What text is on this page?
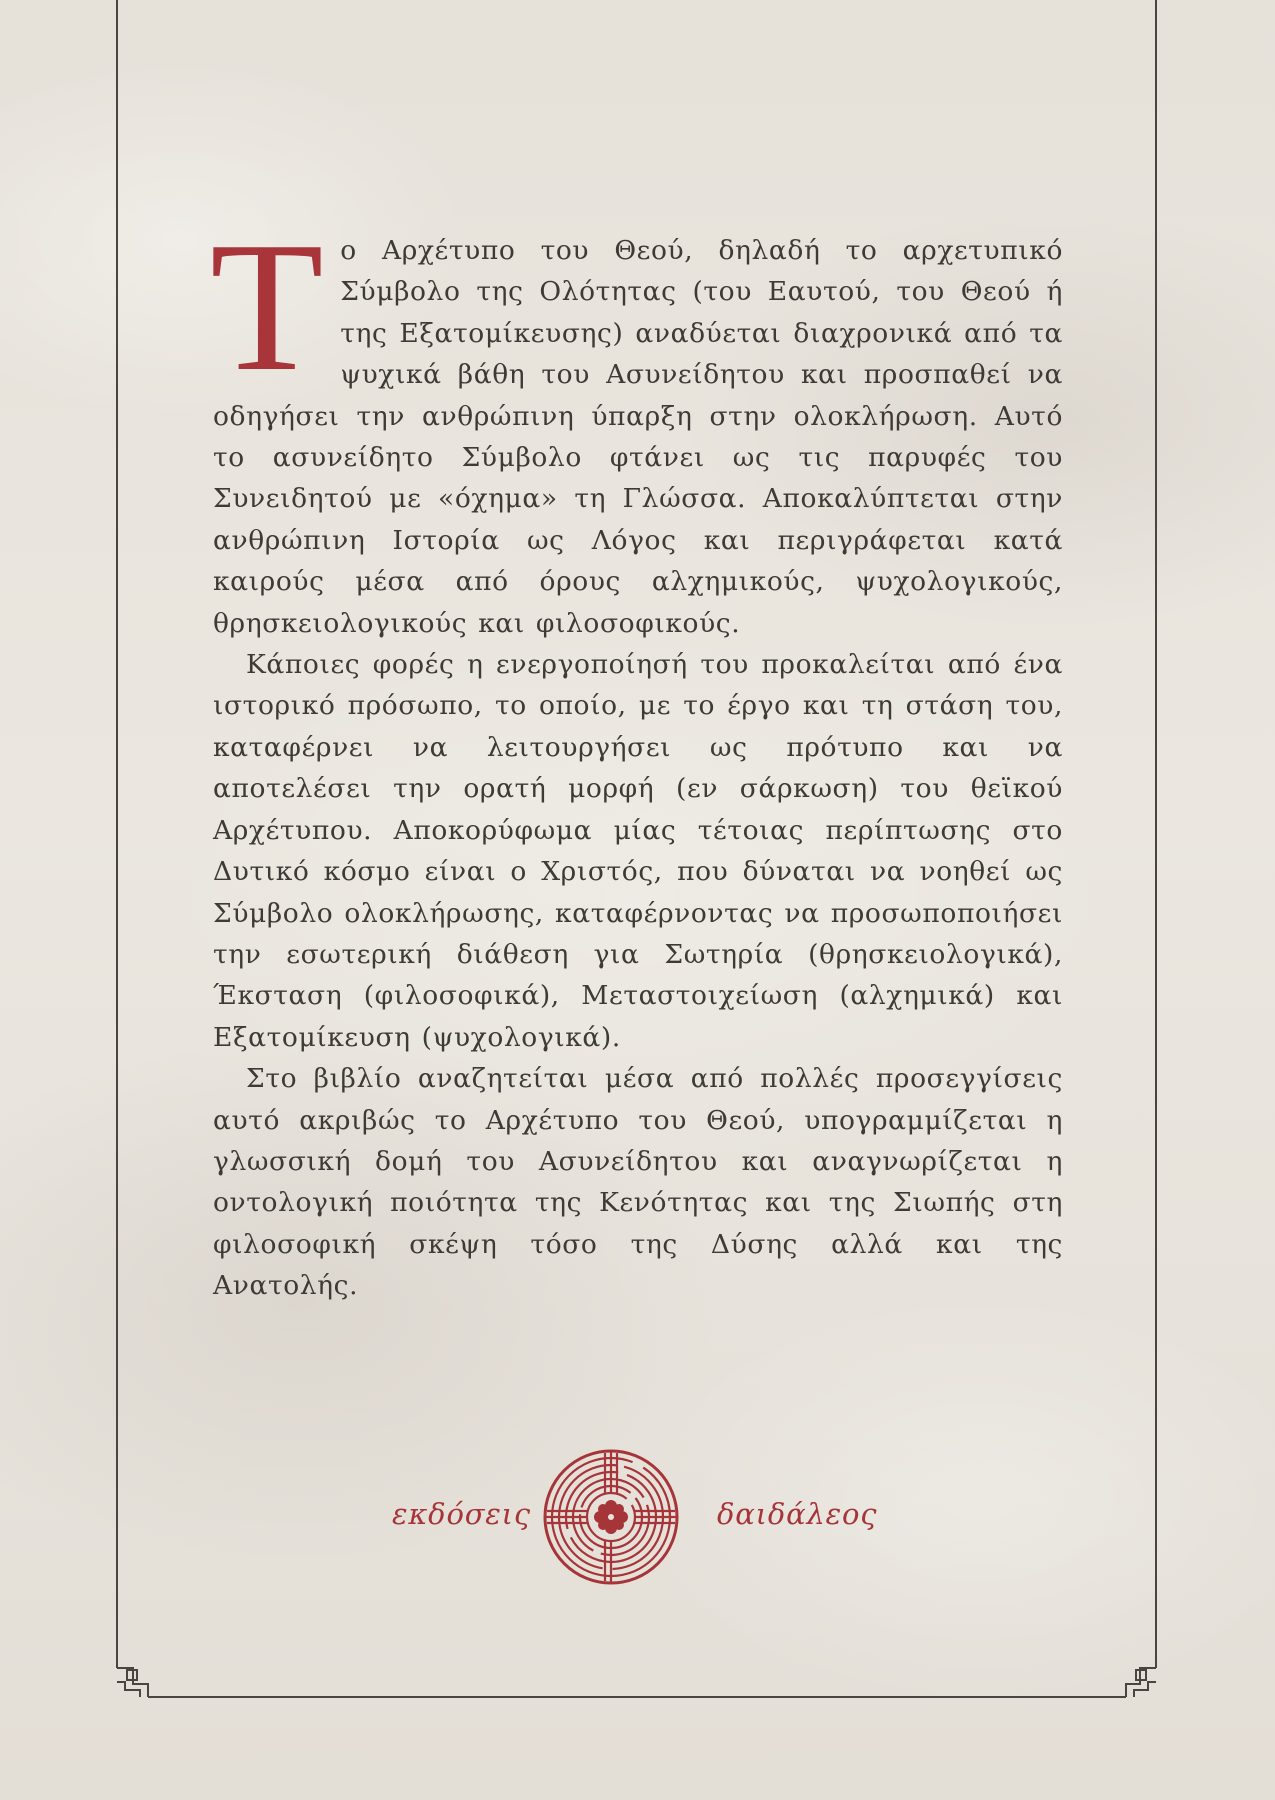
Το Αρχέτυπο του Θεού, δηλαδή το αρχετυπικό Σύμβολο της Ολότητας (του Εαυτού, του Θεού ή της Εξατομίκευσης) αναδύεται διαχρονικά από τα ψυχικά βάθη του Ασυνείδητου και προσπαθεί να οδηγήσει την ανθρώπινη ύπαρξη στην ολοκλήρωση. Αυτό το ασυνείδητο Σύμβολο φτάνει ως τις παρυφές του Συνειδητού με «όχημα» τη Γλώσσα. Αποκαλύπτεται στην ανθρώπινη Ιστορία ως Λόγος και περιγράφεται κατά καιρούς μέσα από όρους αλχημικούς, ψυχολογικούς, θρησκειολογικούς και φιλοσοφικούς.

Κάποιες φορές η ενεργοποίησή του προκαλείται από ένα ιστορικό πρόσωπο, το οποίο, με το έργο και τη στάση του, καταφέρνει να λειτουργήσει ως πρότυπο και να αποτελέσει την ορατή μορφή (εν σάρκωση) του θεϊκού Αρχέτυπου. Αποκορύφωμα μίας τέτοιας περίπτωσης στο Δυτικό κόσμο είναι ο Χριστός, που δύναται να νοηθεί ως Σύμβολο ολοκλήρωσης, καταφέρνοντας να προσωποποιήσει την εσωτερική διάθεση για Σωτηρία (θρησκειολογικά), Έκσταση (φιλοσοφικά), Μεταστοιχείωση (αλχημικά) και Εξατομίκευση (ψυχολογικά).

Στο βιβλίο αναζητείται μέσα από πολλές προσεγγίσεις αυτό ακριβώς το Αρχέτυπο του Θεού, υπογραμμίζεται η γλωσσική δομή του Ασυνείδητου και αναγνωρίζεται η οντολογική ποιότητα της Κενότητας και της Σιωπής στη φιλοσοφική σκέψη τόσο της Δύσης αλλά και της Ανατολής.

εκδόσεις	δαιδάλεος
